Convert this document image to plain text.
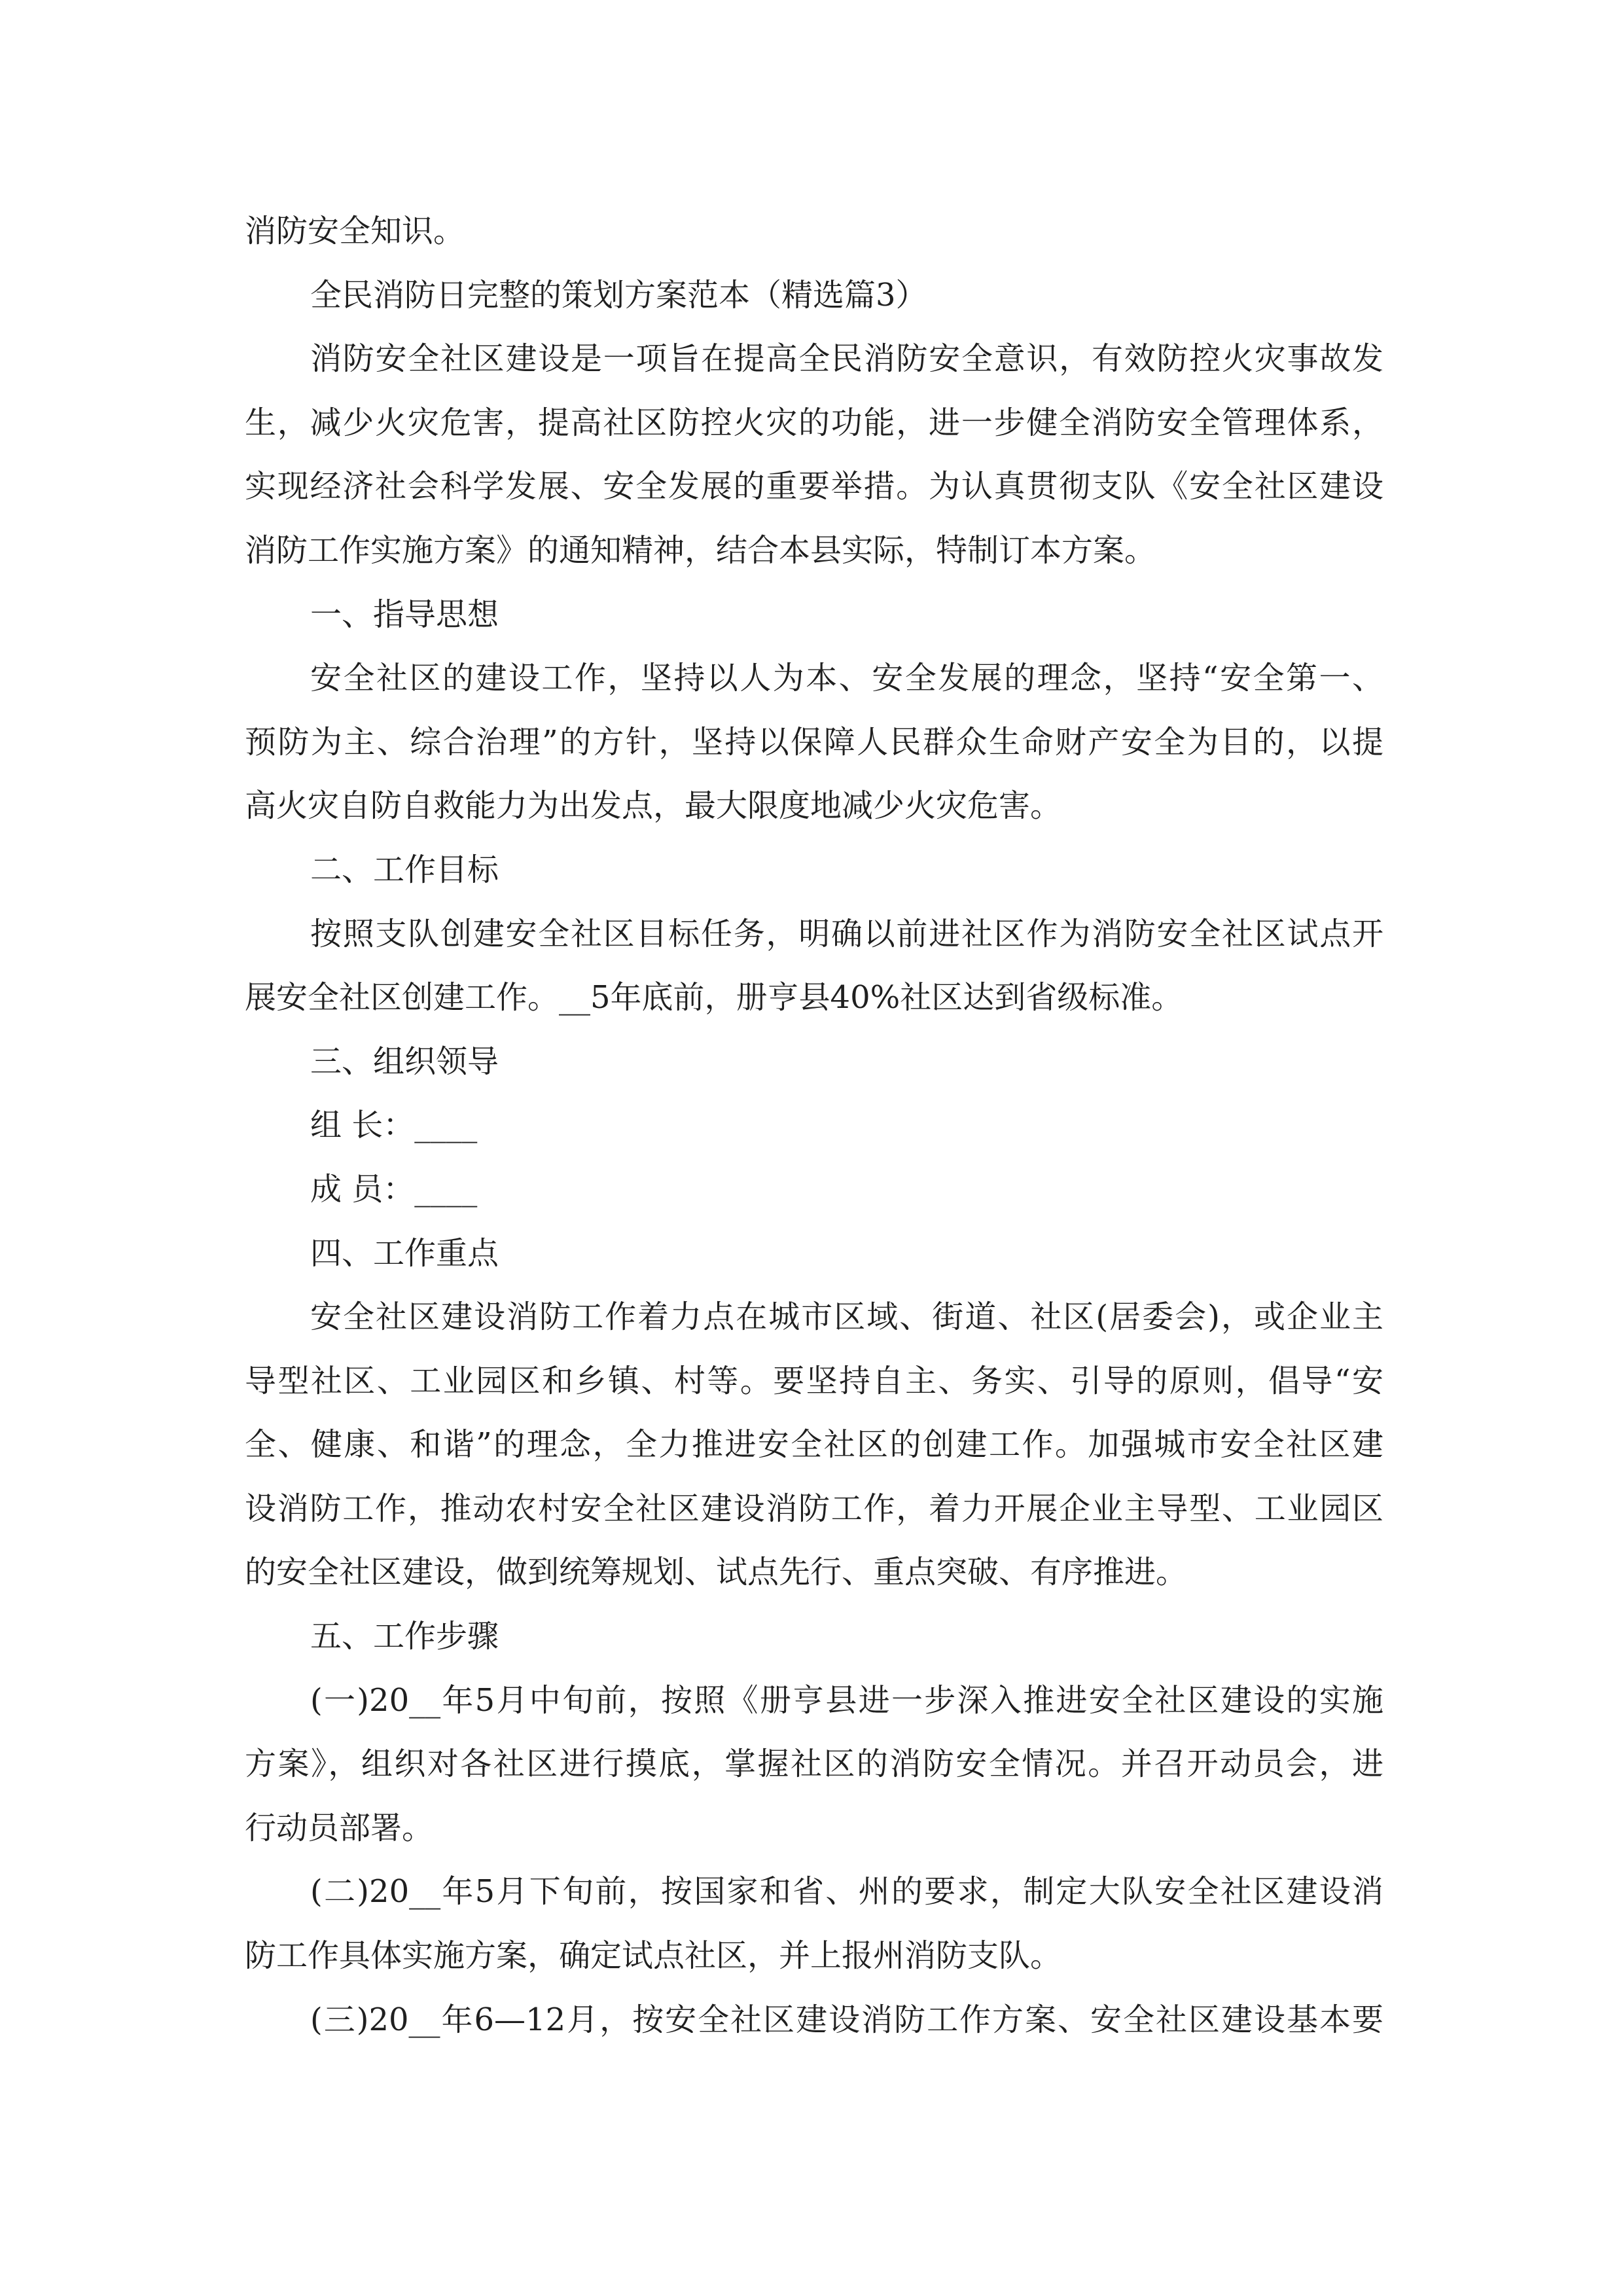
消防安全知识。
全民消防日完整的策划方案范本（精选篇3）
消防安全社区建设是一项旨在提高全民消防安全意识，有效防控火灾事故发
生，减少火灾危害，提高社区防控火灾的功能，进一步健全消防安全管理体系，
实现经济社会科学发展、安全发展的重要举措。为认真贯彻支队《安全社区建设
消防工作实施方案》的通知精神，结合本县实际，特制订本方案。
一、指导思想
安全社区的建设工作，坚持以人为本、安全发展的理念，坚持“安全第一、
预防为主、综合治理”的方针，坚持以保障人民群众生命财产安全为目的，以提
高火灾自防自救能力为出发点，最大限度地减少火灾危害。
二、工作目标
按照支队创建安全社区目标任务，明确以前进社区作为消防安全社区试点开
展安全社区创建工作。__5年底前，册亨县40%社区达到省级标准。
三、组织领导
组 长：____
成 员：____
四、工作重点
安全社区建设消防工作着力点在城市区域、街道、社区(居委会)，或企业主
导型社区、工业园区和乡镇、村等。要坚持自主、务实、引导的原则，倡导“安
全、健康、和谐”的理念，全力推进安全社区的创建工作。加强城市安全社区建
设消防工作，推动农村安全社区建设消防工作，着力开展企业主导型、工业园区
的安全社区建设，做到统筹规划、试点先行、重点突破、有序推进。
五、工作步骤
(一)20__年5月中旬前，按照《册亨县进一步深入推进安全社区建设的实施
方案》，组织对各社区进行摸底，掌握社区的消防安全情况。并召开动员会，进
行动员部署。
(二)20__年5月下旬前，按国家和省、州的要求，制定大队安全社区建设消
防工作具体实施方案，确定试点社区，并上报州消防支队。
(三)20__年6—12月，按安全社区建设消防工作方案、安全社区建设基本要
